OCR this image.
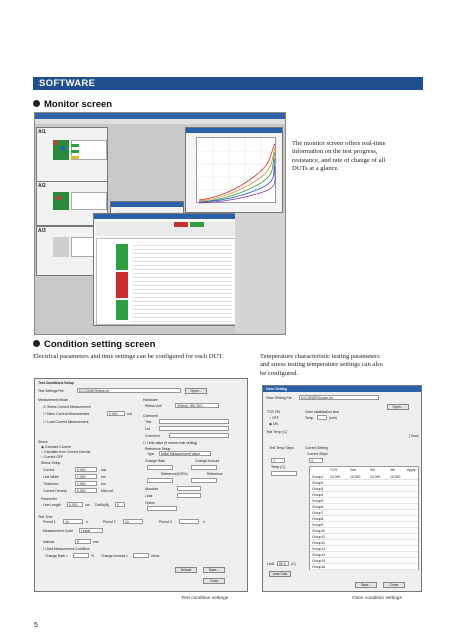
SOFTWARE
Monitor screen
A/1
A/2
A/3
The monitor screen offers real-time
information on the test progress,
resistance, and rate of change of all
DUTs at a glance.
Condition setting screen
Electrical parameters and time settings can be configured for each DUT.	Temperature characteristic testing parameters
and stress testing temperature settings can also
be configured.
Test Conditions Setup
Test Settings File	D:\CONDRS\test.txt	Open...
Measurement Mode
☑ Stress Current Measurement
☐ Micro Current Measurement	0.000	mA
☐ Load Current Measurement
Stress
◉ Constant Current
○ Calculate from Current Density
○ Current OFF
Stress Setup
Current	0.000	mA
Line Width	1.000	um
Thickness	1.000	um
Current Density	0.000	MA/cm2
Parameter
Line Length 0.000 um DotNo(N) 0
Test Time
Period 1	10	h	Period 2	1h	Period 3	h
Measurement Cycle Linear
Interval	5	min
☐ Add Measurement Condition
Change Rate >	% Change Amount >	ohms
Hardware
Stress Unit	200mA, 35V DCL
Comment
Test
Lot
Comment
☐ Limit value (9 means limit setting)
Reference Setup
Type Initial Measurement Value
Change Rate	Change Amount
Reference(100%)	Reference
Absolute
Leak
Option
Default	Save...
Close
Oven Setting
Oven Setting File	D:\CONDRS\oven.txt
Open...
TCR ON
○ OFF
◉ ON
Oven stabilization time
Temp	(min)
Test Temp (C)
(Time)
Test Temp Steps
2
Temp (C)
Current Setting
Current Steps
4
TCR	2nd	3rd	4th	Apply
Group1 10.000	10.000	10.000	10.000
Group2
Group3
Group4
Group5
Group6
Group7
Group8
Group9
Group10
Group11
Group12
Group13
Group14
Group15
Group16
Limit 50.0 (C)
Auto Calc
Save...	Close
Test condition settings	Oven condition settings
5
